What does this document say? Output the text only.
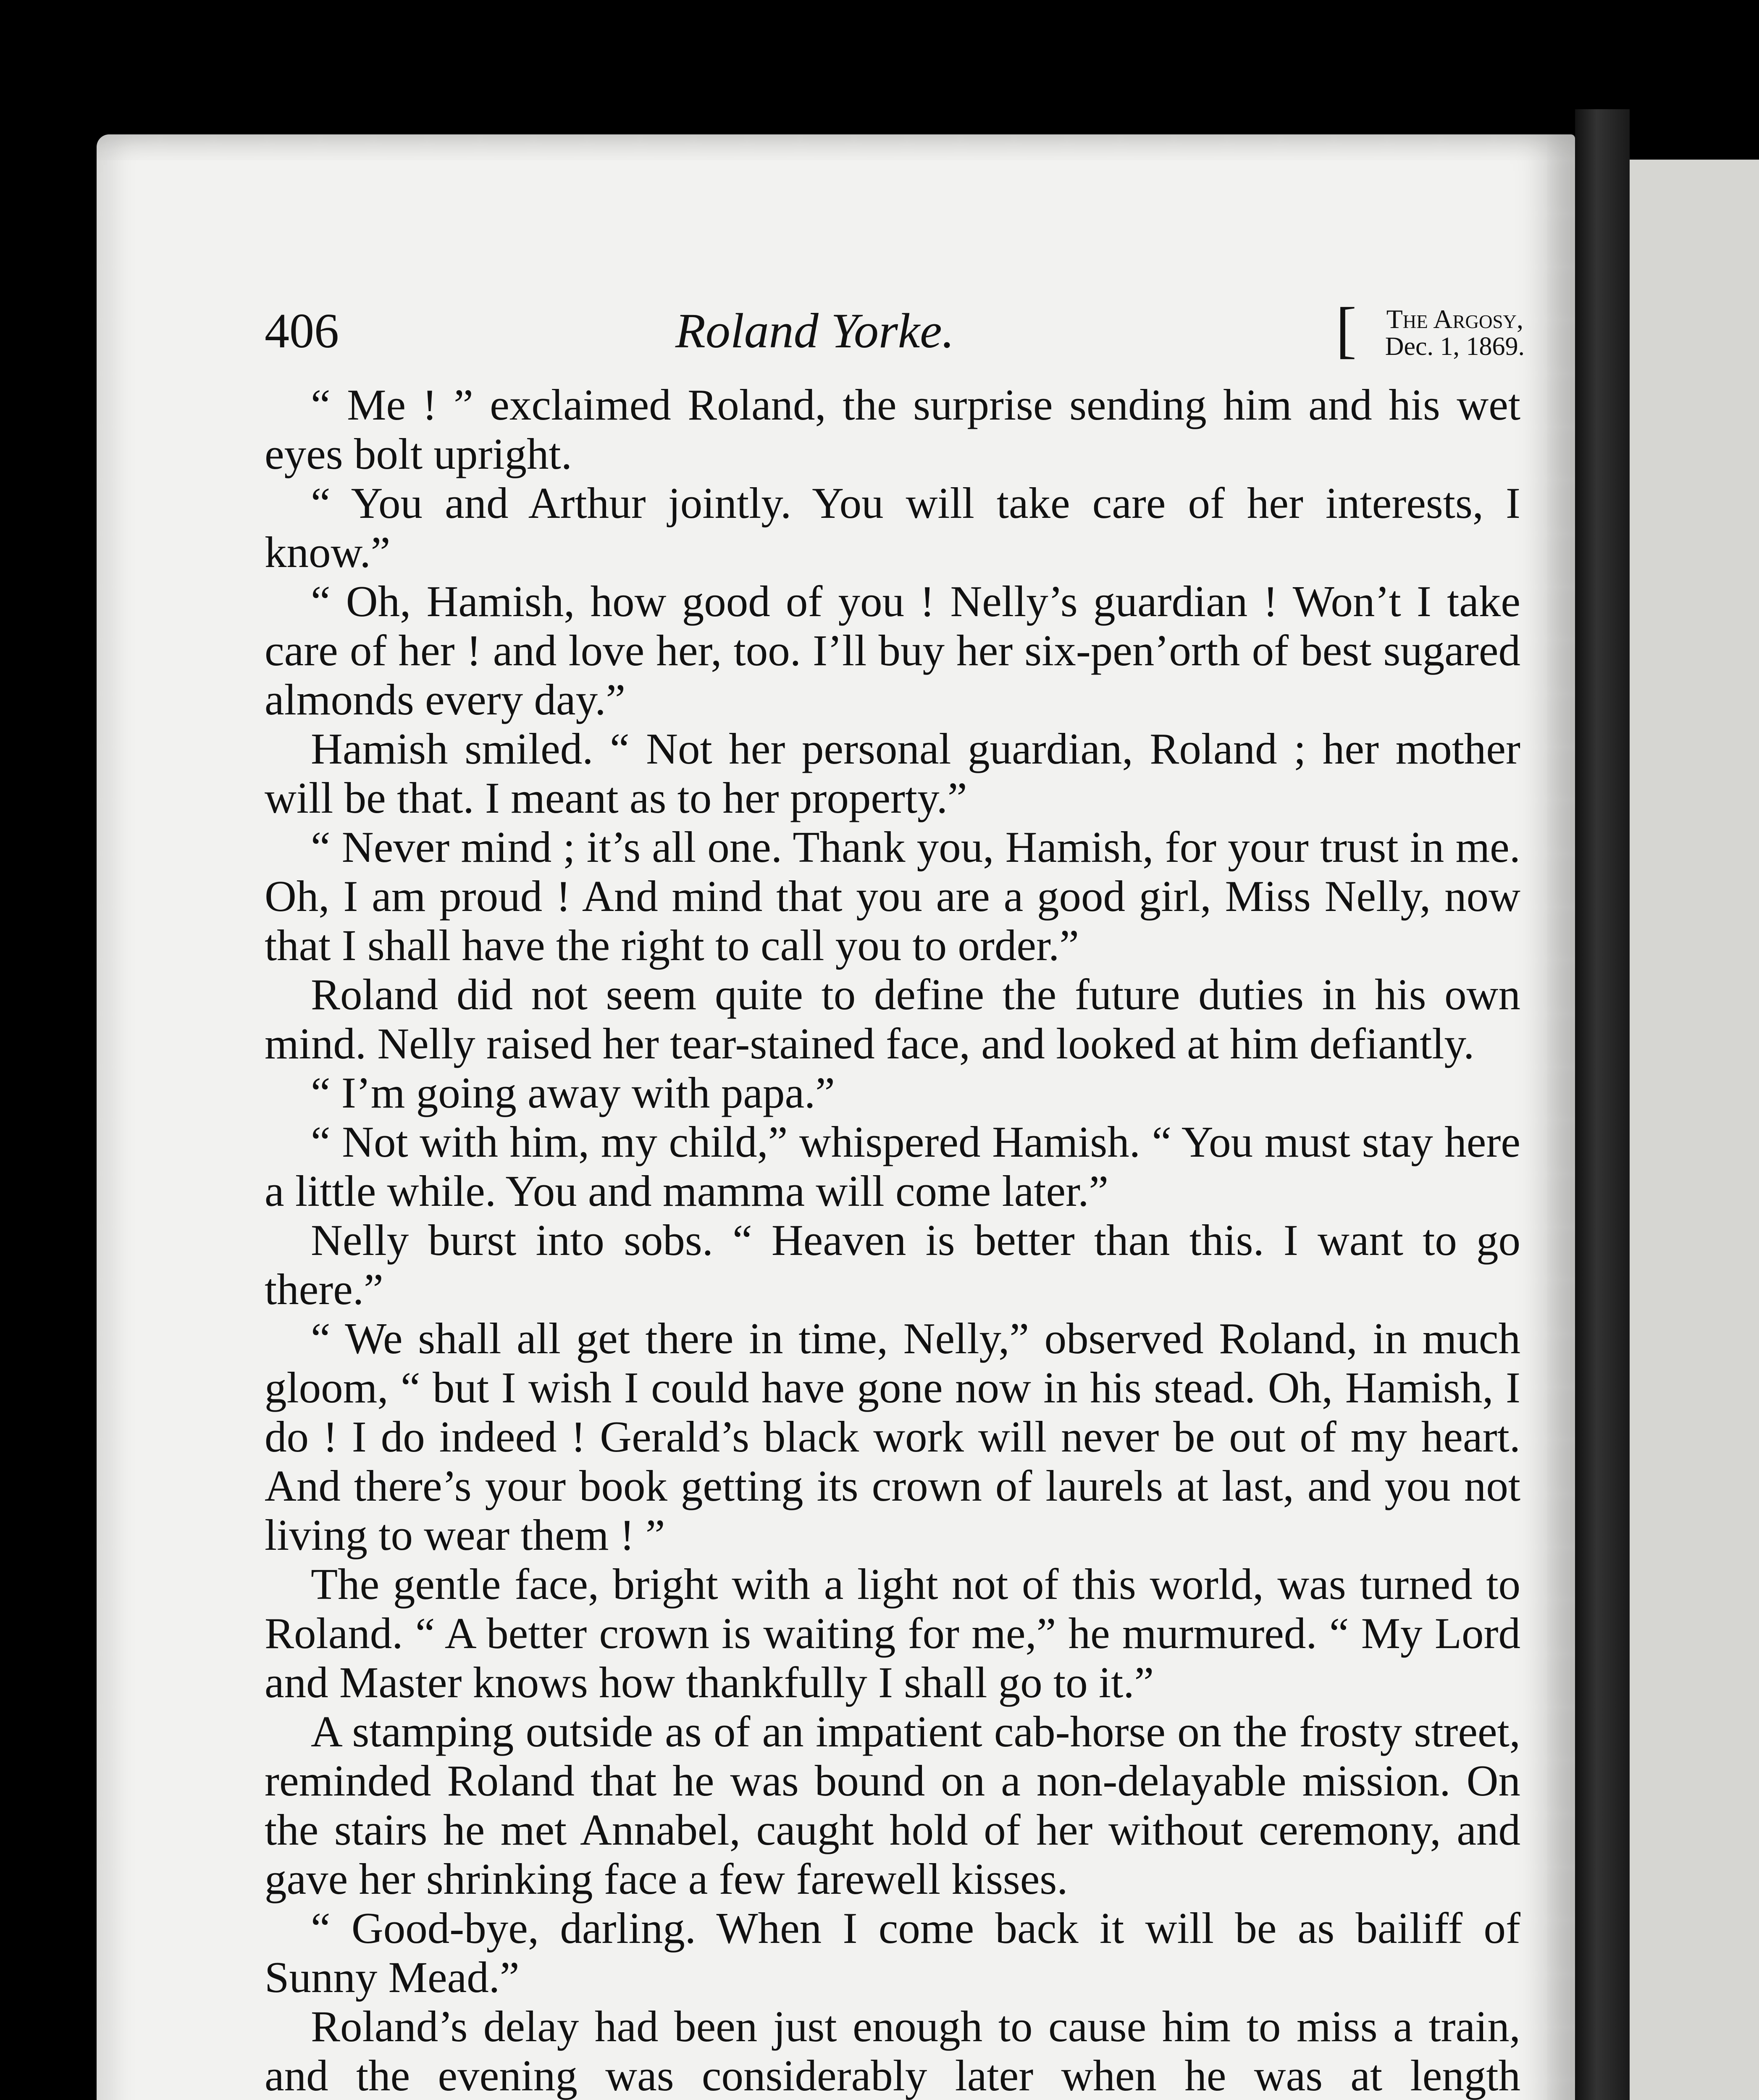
406	Roland Yorke.	[ The Argosy,
Dec. 1, 1869.

“ Me ! ” exclaimed Roland, the surprise sending him and his wet eyes bolt upright.

“ You and Arthur jointly. You will take care of her interests, I know.”

“ Oh, Hamish, how good of you ! Nelly’s guardian ! Won’t I take care of her ! and love her, too. I’ll buy her six-pen’orth of best sugared almonds every day.”

Hamish smiled. “ Not her personal guardian, Roland ; her mother will be that. I meant as to her property.”

“ Never mind ; it’s all one. Thank you, Hamish, for your trust in me. Oh, I am proud ! And mind that you are a good girl, Miss Nelly, now that I shall have the right to call you to order.”

Roland did not seem quite to define the future duties in his own mind. Nelly raised her tear-stained face, and looked at him defiantly.

“ I’m going away with papa.”

“ Not with him, my child,” whispered Hamish. “ You must stay here a little while. You and mamma will come later.”

Nelly burst into sobs. “ Heaven is better than this. I want to go there.”

“ We shall all get there in time, Nelly,” observed Roland, in much gloom, “ but I wish I could have gone now in his stead. Oh, Hamish, I do ! I do indeed ! Gerald’s black work will never be out of my heart. And there’s your book getting its crown of laurels at last, and you not living to wear them ! ”

The gentle face, bright with a light not of this world, was turned to Roland. “ A better crown is waiting for me,” he murmured. “ My Lord and Master knows how thankfully I shall go to it.”

A stamping outside as of an impatient cab-horse on the frosty street, reminded Roland that he was bound on a non-delayable mission. On the stairs he met Annabel, caught hold of her without ceremony, and gave her shrinking face a few farewell kisses.

“ Good-bye, darling. When I come back it will be as bailiff of Sunny Mead.”

Roland’s delay had been just enough to cause him to miss a train, and the evening was considerably later when he was at length
